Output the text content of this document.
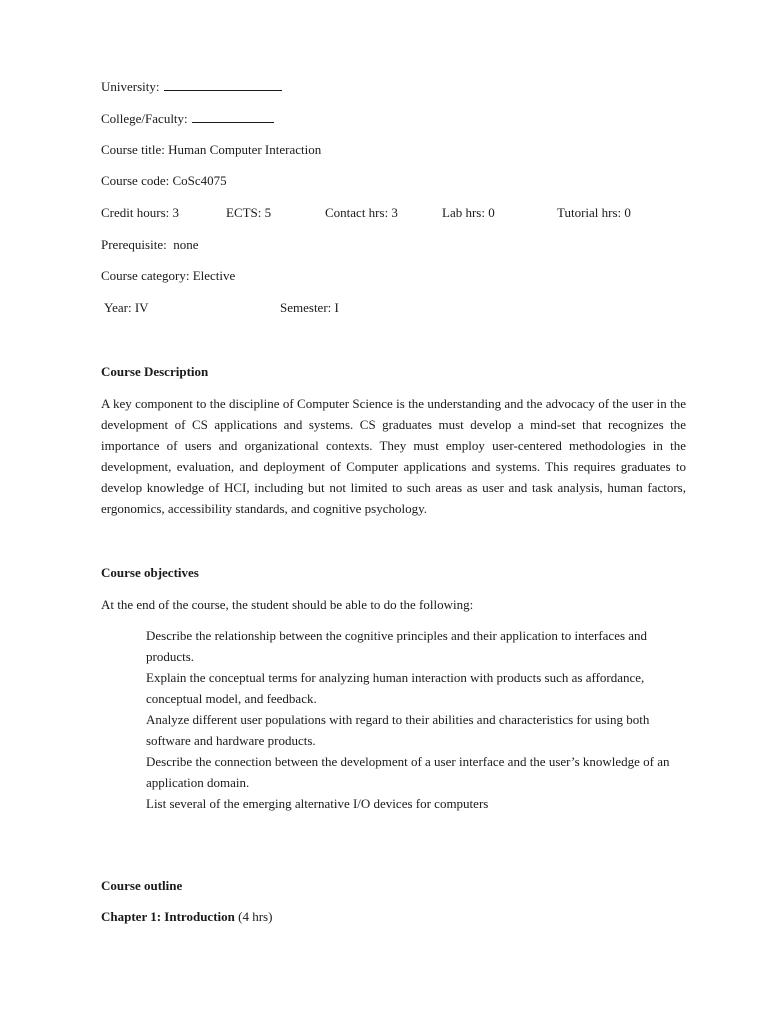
University:
College/Faculty:
Course title: Human Computer Interaction
Course code: CoSc4075
Credit hours: 3	ECTS: 5	Contact hrs: 3	Lab hrs: 0	Tutorial hrs: 0
Prerequisite:  none
Course category: Elective
Year: IV	Semester: I
Course Description
A key component to the discipline of Computer Science is the understanding and the advocacy of the user in the development of CS applications and systems. CS graduates must develop a mind-set that recognizes the importance of users and organizational contexts. They must employ user-centered methodologies in the development, evaluation, and deployment of Computer applications and systems. This requires graduates to develop knowledge of HCI, including but not limited to such areas as user and task analysis, human factors, ergonomics, accessibility standards, and cognitive psychology.
Course objectives
At the end of the course, the student should be able to do the following:
Describe the relationship between the cognitive principles and their application to interfaces and products.
Explain the conceptual terms for analyzing human interaction with products such as affordance, conceptual model, and feedback.
Analyze different user populations with regard to their abilities and characteristics for using both software and hardware products.
Describe the connection between the development of a user interface and the user’s knowledge of an application domain.
List several of the emerging alternative I/O devices for computers
Course outline
Chapter 1: Introduction (4 hrs)
